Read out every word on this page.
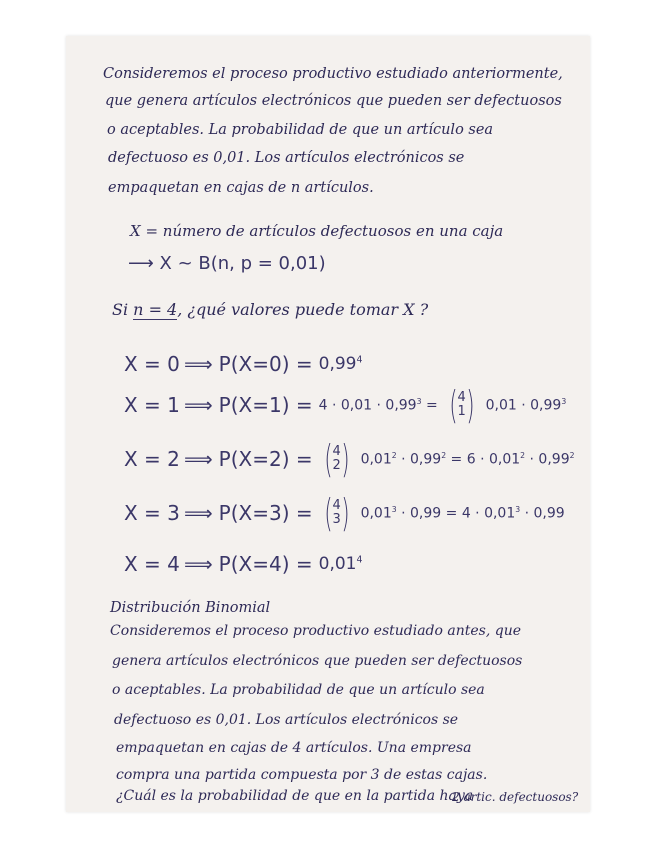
Consideremos el proceso productivo estudiado anteriormente,
que genera artículos electrónicos que pueden ser defectuosos
o aceptables. La probabilidad de que un artículo sea
defectuoso es 0,01. Los artículos electrónicos se
empaquetan en cajas de n artículos.
X = número de artículos defectuosos en una caja
⟶ X ~ B(n, p = 0,01)
Si n = 4, ¿qué valores puede tomar X ?
X = 0 ⟹ $P(X=0) = 0,99^4$
X = 1 ⟹ $P(X=1) = 4 \cdot 0,01 \cdot 0,99^3$ = ( 4
1 ) $0,01 \cdot 0,99^3$
X = 2 ⟹ P(X=2) = ( 4
2 ) $0,01^2 \cdot 0,99^2 = 6 \cdot 0,01^2 \cdot 0,99^2$
X = 3 ⟹ P(X=3) = ( 4
3 ) $0,01^3 \cdot 0,99 = 4 \cdot 0,01^3 \cdot 0,99$
X = 4 ⟹ $P(X=4) = 0,01^4$
Distribución Binomial
Consideremos el proceso productivo estudiado antes, que
genera artículos electrónicos que pueden ser defectuosos
o aceptables. La probabilidad de que un artículo sea
defectuoso es 0,01. Los artículos electrónicos se
empaquetan en cajas de 4 artículos. Una empresa
compra una partida compuesta por 3 de estas cajas.
¿Cuál es la probabilidad de que en la partida haya
2 artic. defectuosos?
